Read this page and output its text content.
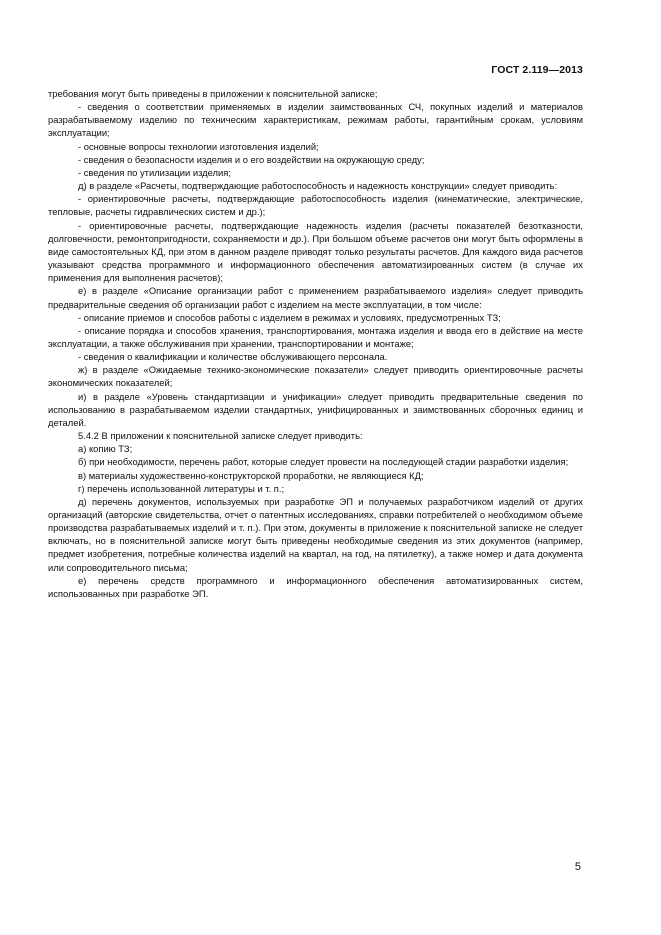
ГОСТ 2.119—2013

требования могут быть приведены в приложении к пояснительной записке;

- сведения о соответствии применяемых в изделии заимствованных СЧ, покупных изделий и материалов разрабатываемому изделию по техническим характеристикам, режимам работы, гарантийным срокам, условиям эксплуатации;

- основные вопросы технологии изготовления изделий;

- сведения о безопасности изделия и о его воздействии на окружающую среду;

- сведения по утилизации изделия;

д) в разделе «Расчеты, подтверждающие работоспособность и надежность конструкции» следует приводить:

- ориентировочные расчеты, подтверждающие работоспособность изделия (кинематические, электрические, тепловые, расчеты гидравлических систем и др.);

- ориентировочные расчеты, подтверждающие надежность изделия (расчеты показателей безотказности, долговечности, ремонтопригодности, сохраняемости и др.). При большом объеме расчетов они могут быть оформлены в виде самостоятельных КД, при этом в данном разделе приводят только результаты расчетов. Для каждого вида расчетов указывают средства программного и информационного обеспечения автоматизированных систем (в случае их применения для выполнения расчетов);

е) в разделе «Описание организации работ с применением разрабатываемого изделия» следует приводить предварительные сведения об организации работ с изделием на месте эксплуатации, в том числе:

- описание приемов и способов работы с изделием в режимах и условиях, предусмотренных ТЗ;

- описание порядка и способов хранения, транспортирования, монтажа изделия и ввода его в действие на месте эксплуатации, а также обслуживания при хранении, транспортировании и монтаже;

- сведения о квалификации и количестве обслуживающего персонала.

ж) в разделе «Ожидаемые технико-экономические показатели» следует приводить ориентировочные расчеты экономических показателей;

и) в разделе «Уровень стандартизации и унификации» следует приводить предварительные сведения по использованию в разрабатываемом изделии стандартных, унифицированных и заимствованных сборочных единиц и деталей.

5.4.2 В приложении к пояснительной записке следует приводить:

а) копию ТЗ;

б) при необходимости, перечень работ, которые следует провести на последующей стадии разработки изделия;

в) материалы художественно-конструкторской проработки, не являющиеся КД;

г) перечень использованной литературы и т. п.;

д) перечень документов, используемых при разработке ЭП и получаемых разработчиком изделий от других организаций (авторские свидетельства, отчет о патентных исследованиях, справки потребителей о необходимом объеме производства разрабатываемых изделий и т. п.). При этом, документы в приложение к пояснительной записке не следует включать, но в пояснительной записке могут быть приведены необходимые сведения из этих документов (например, предмет изобретения, потребные количества изделий на квартал, на год, на пятилетку), а также номер и дата документа или сопроводительного письма;

е) перечень средств программного и информационного обеспечения автоматизированных систем, использованных при разработке ЭП.

5
